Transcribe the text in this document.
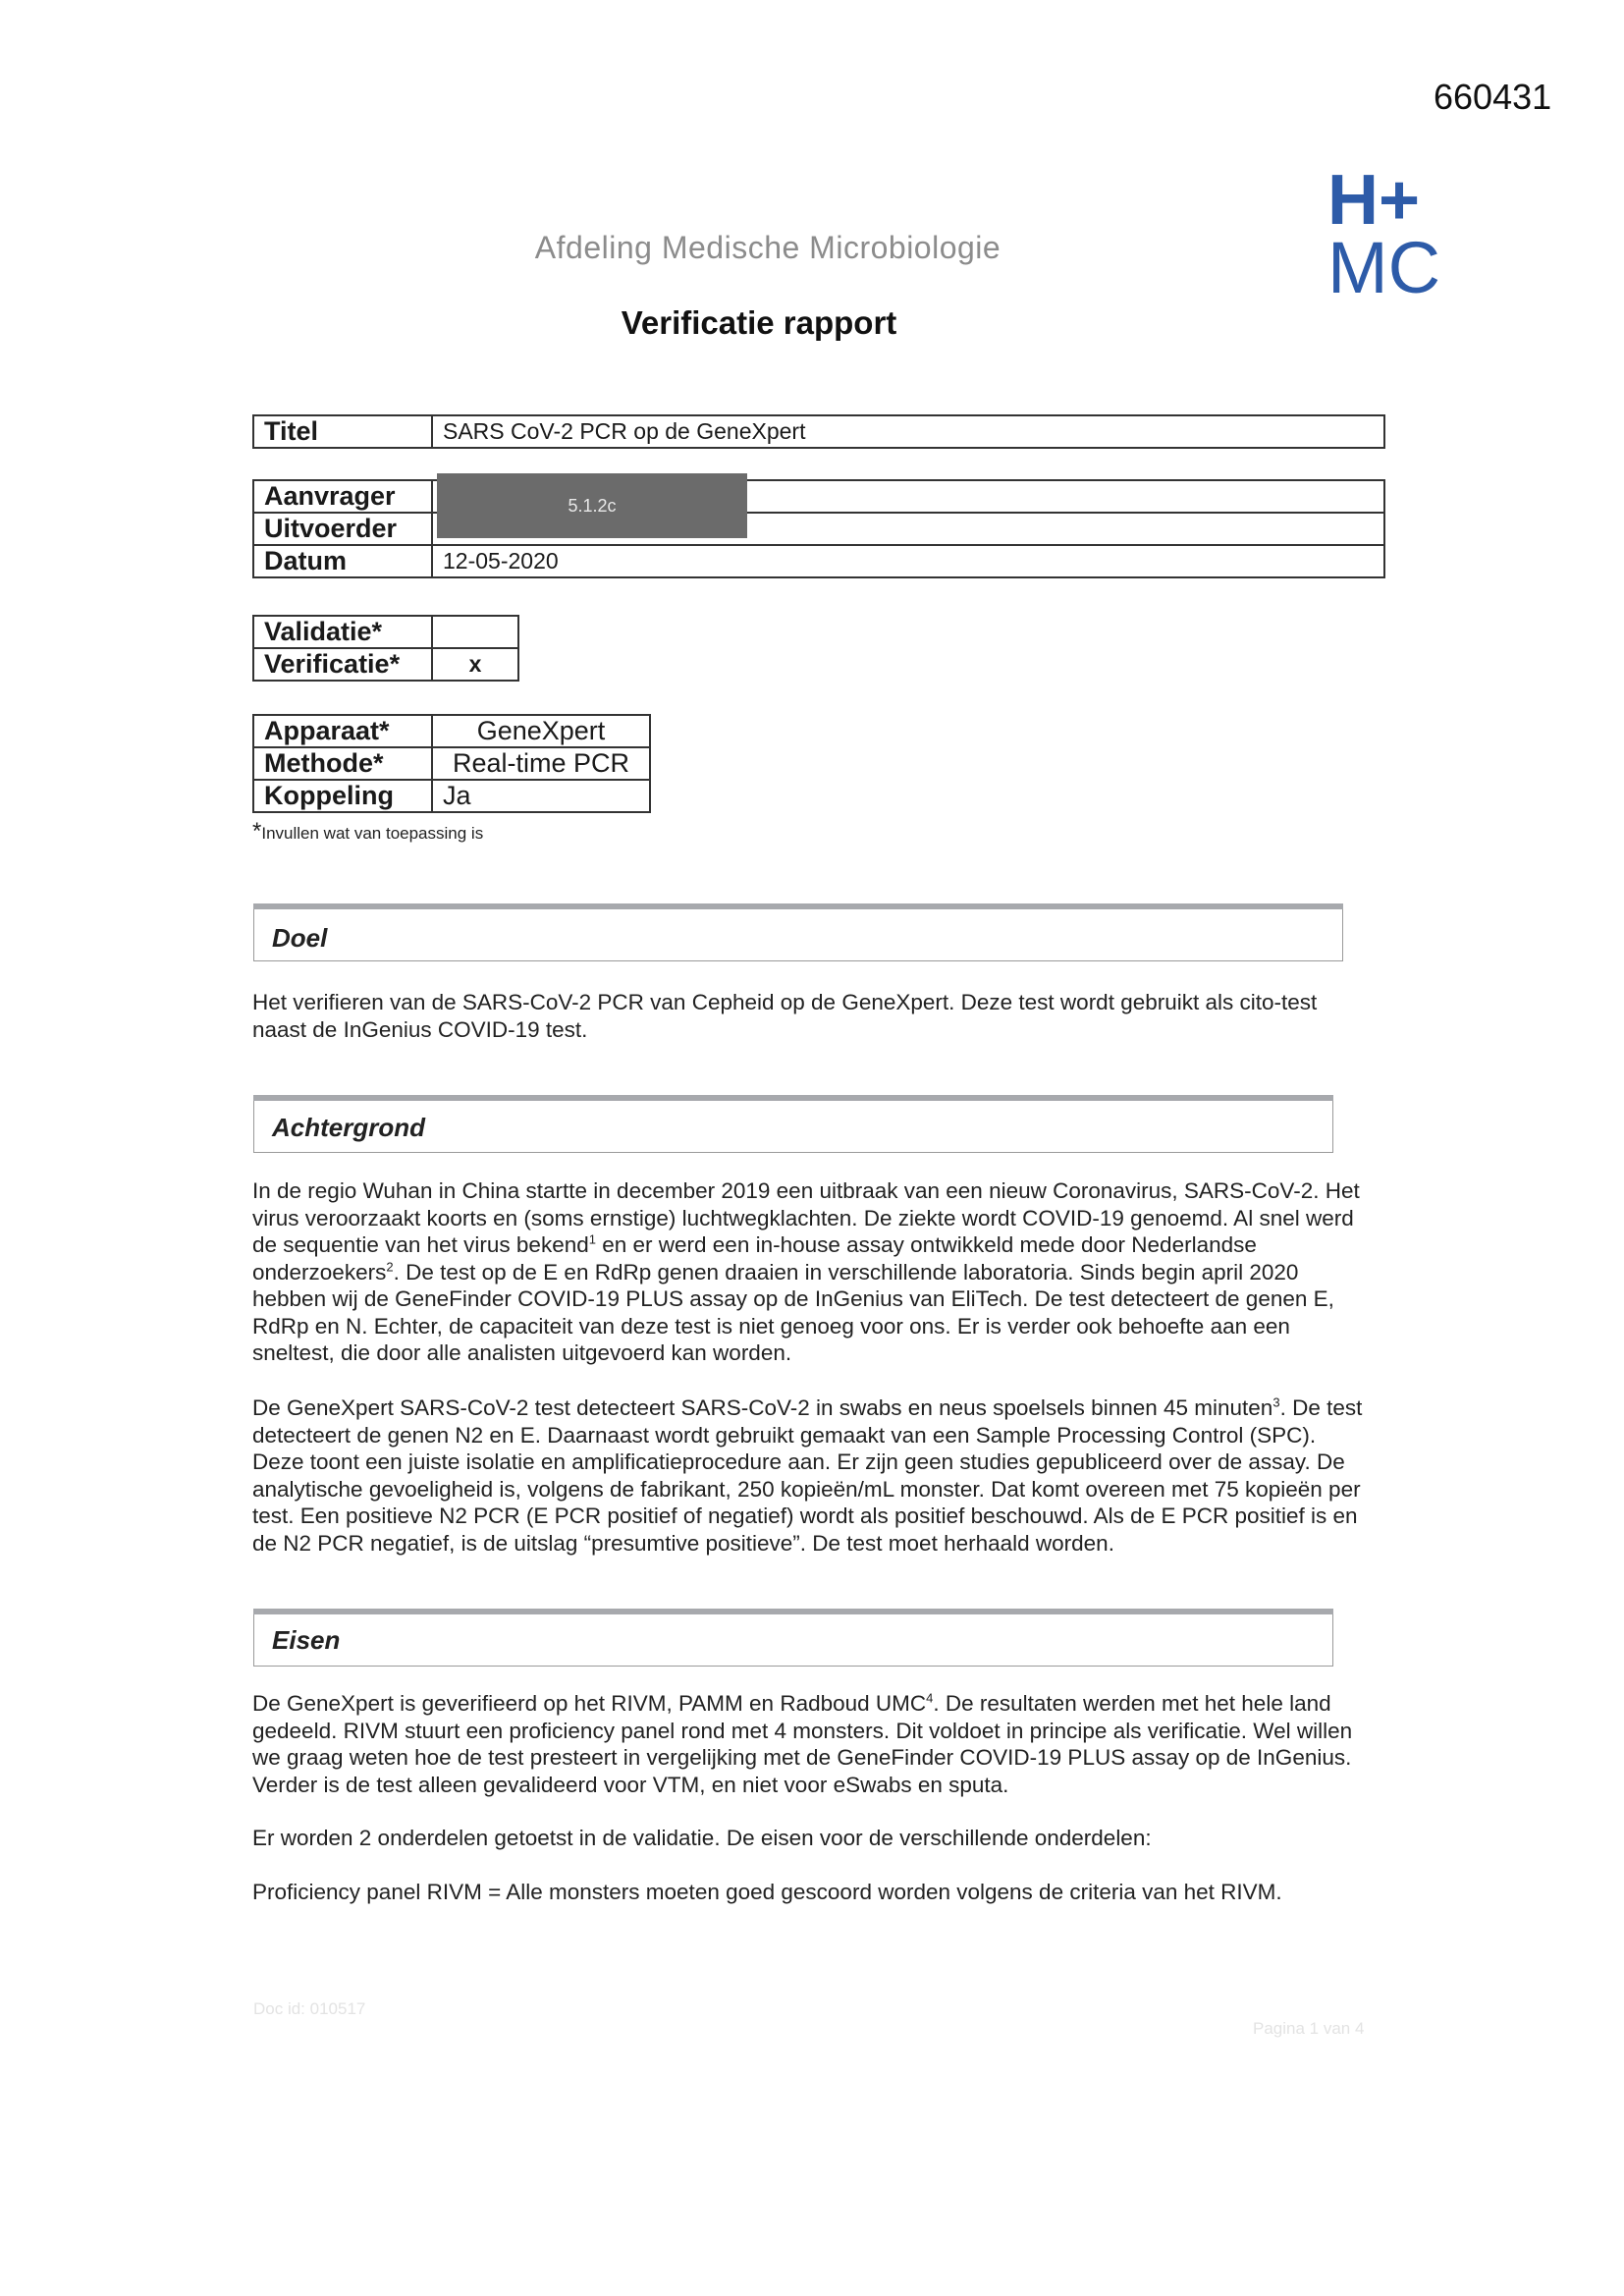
660431
H+
MC
Afdeling Medische Microbiologie
Verificatie rapport
Titel	SARS CoV-2 PCR op de GeneXpert
Aanvrager	
Uitvoerder	
Datum	12-05-2020
5.1.2c
Validatie*	
Verificatie*	x
Apparaat*	GeneXpert
Methode*	Real-time PCR
Koppeling	Ja
*Invullen wat van toepassing is
Doel

Het verifieren van de SARS-CoV-2 PCR van Cepheid op de GeneXpert. Deze test wordt gebruikt als cito-test naast de InGenius COVID-19 test.

Achtergrond

In de regio Wuhan in China startte in december 2019 een uitbraak van een nieuw Coronavirus, SARS-CoV-2. Het virus veroorzaakt koorts en (soms ernstige) luchtwegklachten. De ziekte wordt COVID-19 genoemd. Al snel werd de sequentie van het virus bekend$^1$ en er werd een in-house assay ontwikkeld mede door Nederlandse onderzoekers$^2$. De test op de E en RdRp genen draaien in verschillende laboratoria. Sinds begin april 2020 hebben wij de GeneFinder COVID-19 PLUS assay op de InGenius van EliTech. De test detecteert de genen E, RdRp en N. Echter, de capaciteit van deze test is niet genoeg voor ons. Er is verder ook behoefte aan een sneltest, die door alle analisten uitgevoerd kan worden.

De GeneXpert SARS-CoV-2 test detecteert SARS-CoV-2 in swabs en neus spoelsels binnen 45 minuten$^3$. De test detecteert de genen N2 en E. Daarnaast wordt gebruikt gemaakt van een Sample Processing Control (SPC). Deze toont een juiste isolatie en amplificatieprocedure aan. Er zijn geen studies gepubliceerd over de assay. De analytische gevoeligheid is, volgens de fabrikant, 250 kopieën/mL monster. Dat komt overeen met 75 kopieën per test. Een positieve N2 PCR (E PCR positief of negatief) wordt als positief beschouwd. Als de E PCR positief is en de N2 PCR negatief, is de uitslag “presumtive positieve”. De test moet herhaald worden.

Eisen

De GeneXpert is geverifieerd op het RIVM, PAMM en Radboud UMC$^4$. De resultaten werden met het hele land gedeeld. RIVM stuurt een proficiency panel rond met 4 monsters. Dit voldoet in principe als verificatie. Wel willen we graag weten hoe de test presteert in vergelijking met de GeneFinder COVID-19 PLUS assay op de InGenius. Verder is de test alleen gevalideerd voor VTM, en niet voor eSwabs en sputa.

Er worden 2 onderdelen getoetst in de validatie. De eisen voor de verschillende onderdelen:

Proficiency panel RIVM = Alle monsters moeten goed gescoord worden volgens de criteria van het RIVM.

Doc id: 010517
Pagina 1 van 4
